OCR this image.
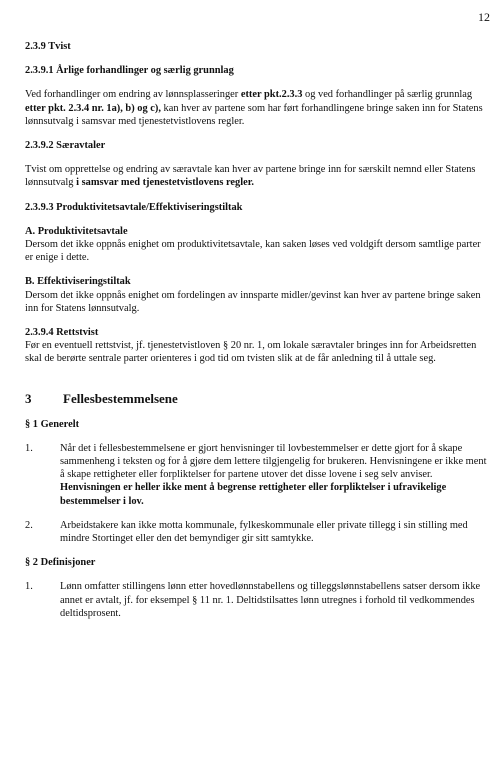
12

2.3.9 Tvist

2.3.9.1 Årlige forhandlinger og særlig grunnlag

Ved forhandlinger om endring av lønnsplasseringer etter pkt.2.3.3 og ved forhandlinger på særlig grunnlag etter pkt. 2.3.4 nr. 1a), b) og c), kan hver av partene som har ført forhandlingene bringe saken inn for Statens lønnsutvalg i samsvar med tjenestetvistlovens regler.

2.3.9.2 Særavtaler

Tvist om opprettelse og endring av særavtale kan hver av partene bringe inn for særskilt nemnd eller Statens lønnsutvalg i samsvar med tjenestetvistlovens regler.

2.3.9.3 Produktivitetsavtale/Effektiviseringstiltak

A. Produktivitetsavtale

Dersom det ikke oppnås enighet om produktivitetsavtale, kan saken løses ved voldgift dersom samtlige parter er enige i dette.

B. Effektiviseringstiltak

Dersom det ikke oppnås enighet om fordelingen av innsparte midler/gevinst kan hver av partene bringe saken inn for Statens lønnsutvalg.

2.3.9.4 Rettstvist

Før en eventuell rettstvist, jf. tjenestetvistloven § 20 nr. 1, om lokale særavtaler bringes inn for Arbeidsretten skal de berørte sentrale parter orienteres i god tid om tvisten slik at de får anledning til å uttale seg.

3	Fellesbestemmelsene

§ 1 Generelt

1.	Når det i fellesbestemmelsene er gjort henvisninger til lovbestemmelser er dette gjort for å skape sammenheng i teksten og for å gjøre dem lettere tilgjengelig for brukeren. Henvisningene er ikke ment å skape rettigheter eller forpliktelser for partene utover det disse lovene i seg selv anviser. Henvisningen er heller ikke ment å begrense rettigheter eller forpliktelser i ufravikelige bestemmelser i lov.
2.	Arbeidstakere kan ikke motta kommunale, fylkeskommunale eller private tillegg i sin stilling med mindre Stortinget eller den det bemyndiger gir sitt samtykke.

§ 2 Definisjoner

1.	Lønn omfatter stillingens lønn etter hovedlønnstabellens og tilleggslønnstabellens satser dersom ikke annet er avtalt, jf. for eksempel § 11 nr. 1. Deltidstilsattes lønn utregnes i forhold til vedkommendes deltidsprosent.
